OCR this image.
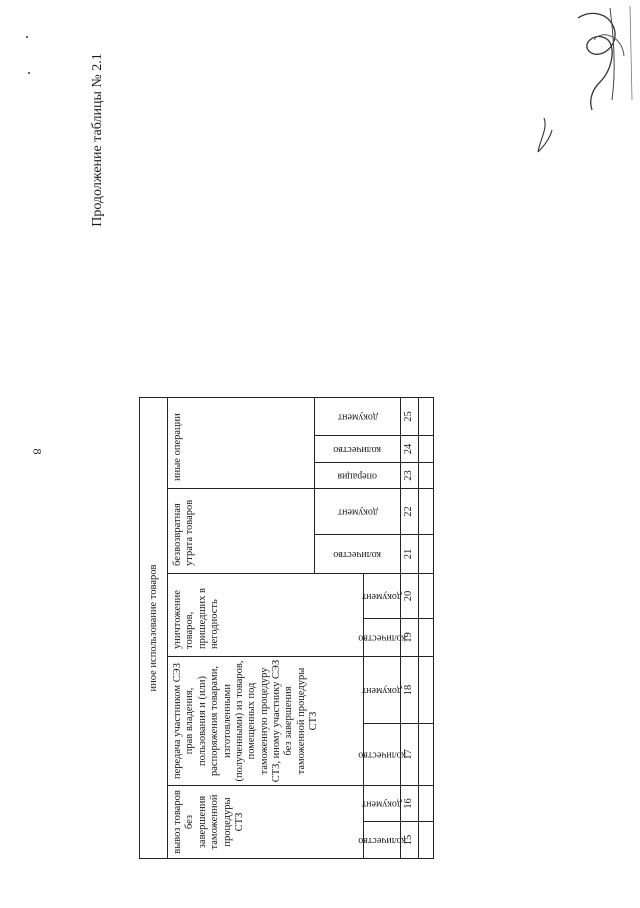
8
Продолжение таблицы № 2.1
иное использование товаров
вывоз товаров без завершения таможенной процедуры СТЗ
передача участником СЭЗ прав владения, пользования и (или) распоряжения товарами, изготовленными (полученными) из товаров, помещенных под таможенную процедуру СТЗ, иному участнику СЭЗ без завершения таможенной процедуры СТЗ
уничтожение товаров, пришедших в негодность
безвозвратная утрата товаров
иные операции
количество
документ
количество
документ
количество
документ
количество
документ
операция
количество
документ
15
16
17
18
19
20
21
22
23
24
25
